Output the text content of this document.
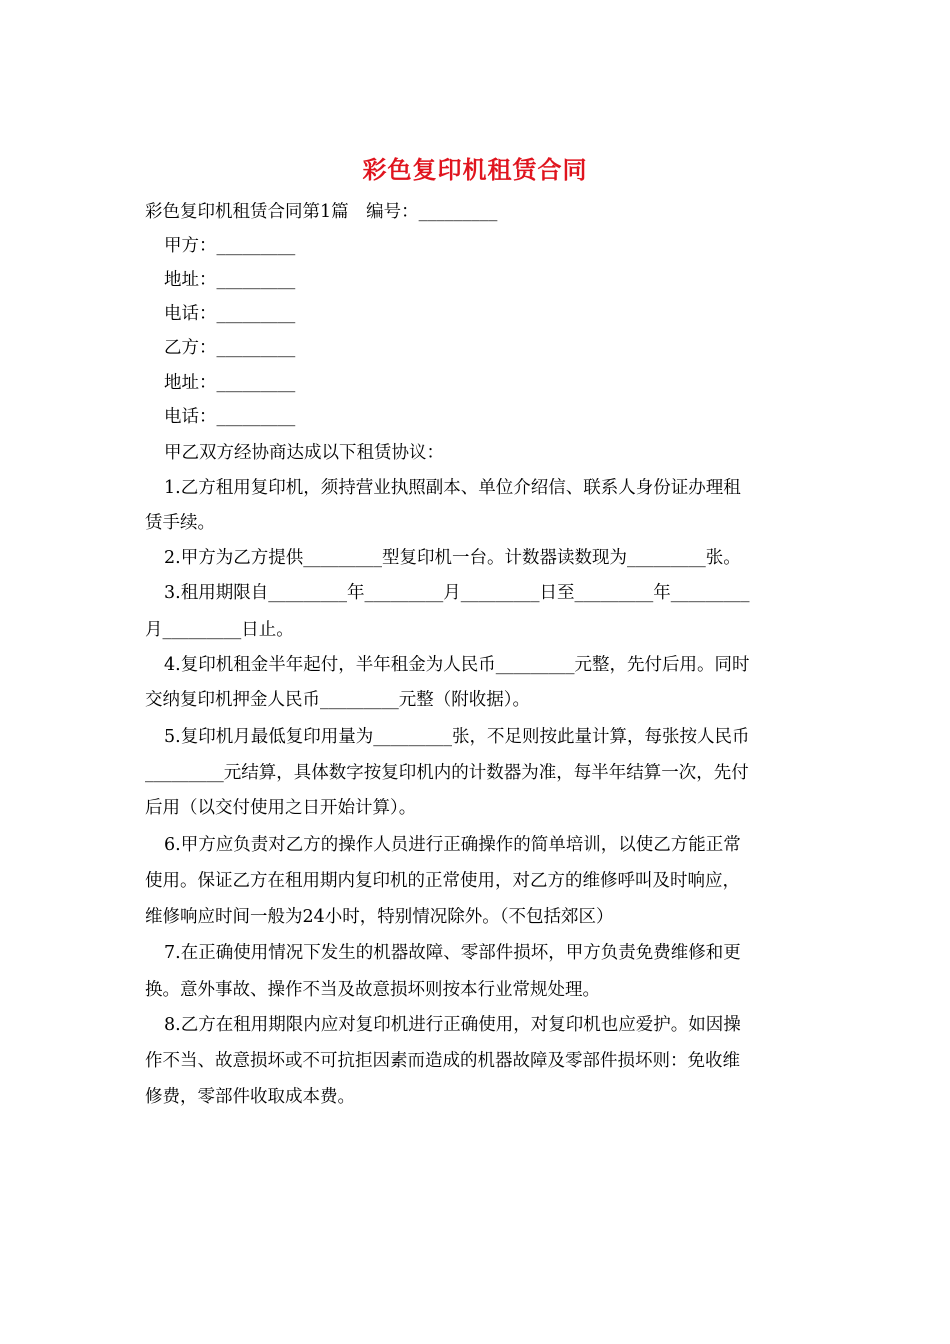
彩色复印机租赁合同
彩色复印机租赁合同第1篇　编号：_________
甲方：_________
地址：_________
电话：_________
乙方：_________
地址：_________
电话：_________
甲乙双方经协商达成以下租赁协议：
1.乙方租用复印机，须持营业执照副本、单位介绍信、联系人身份证办理租
赁手续。
2.甲方为乙方提供_________型复印机一台。计数器读数现为_________张。
3.租用期限自_________年_________月_________日至_________年_________
月_________日止。
4.复印机租金半年起付，半年租金为人民币_________元整，先付后用。同时
交纳复印机押金人民币_________元整（附收据）。
5.复印机月最低复印用量为_________张，不足则按此量计算，每张按人民币
_________元结算，具体数字按复印机内的计数器为准，每半年结算一次，先付
后用（以交付使用之日开始计算）。
6.甲方应负责对乙方的操作人员进行正确操作的简单培训，以使乙方能正常
使用。保证乙方在租用期内复印机的正常使用，对乙方的维修呼叫及时响应，
维修响应时间一般为24小时，特别情况除外。（不包括郊区）
7.在正确使用情况下发生的机器故障、零部件损坏，甲方负责免费维修和更
换。意外事故、操作不当及故意损坏则按本行业常规处理。
8.乙方在租用期限内应对复印机进行正确使用，对复印机也应爱护。如因操
作不当、故意损坏或不可抗拒因素而造成的机器故障及零部件损坏则：免收维
修费，零部件收取成本费。
